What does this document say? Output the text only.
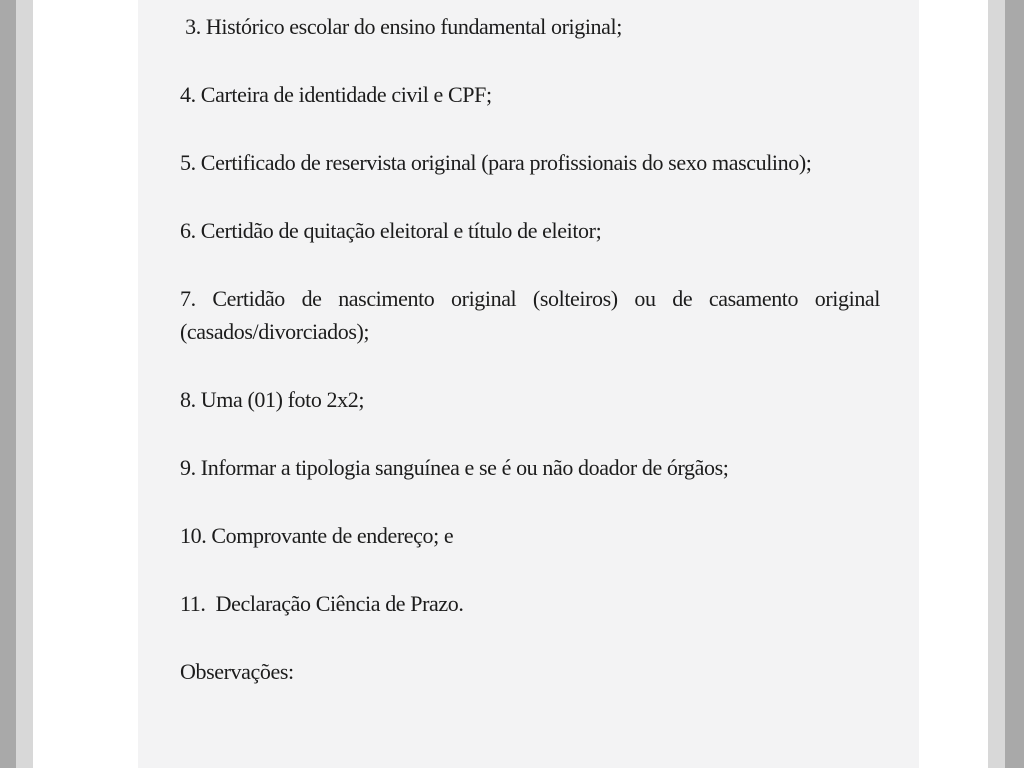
3. Histórico escolar do ensino fundamental original;

4. Carteira de identidade civil e CPF;

5. Certificado de reservista original (para profissionais do sexo masculino);

6. Certidão de quitação eleitoral e título de eleitor;

7. Certidão de nascimento original (solteiros) ou de casamento original (casados/divorciados);

8. Uma (01) foto 2x2;

9. Informar a tipologia sanguínea e se é ou não doador de órgãos;

10. Comprovante de endereço; e

11.  Declaração Ciência de Prazo.

Observações:
